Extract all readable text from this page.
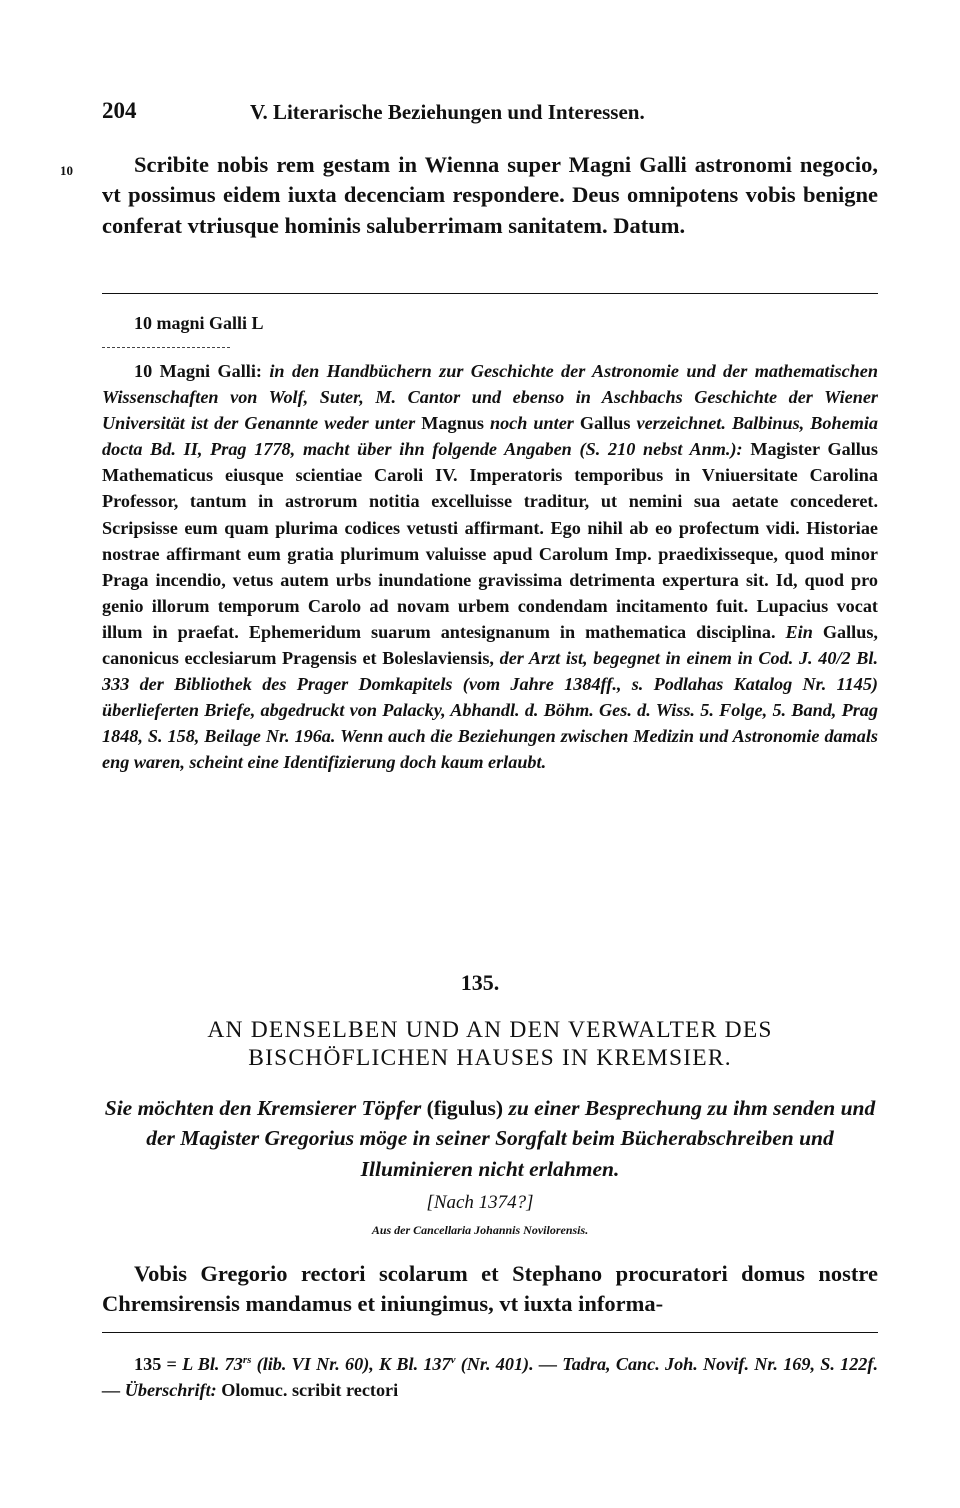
204	V. Literarische Beziehungen und Interessen.
10	Scribite nobis rem gestam in Wienna super Magni Galli astronomi negocio, vt possimus eidem iuxta decenciam respondere. Deus omnipotens vobis benigne conferat vtriusque hominis saluberrimam sanitatem. Datum.

10 magni Galli L

10 Magni Galli: in den Handbüchern zur Geschichte der Astronomie und der mathematischen Wissenschaften von Wolf, Suter, M. Cantor und ebenso in Aschbachs Geschichte der Wiener Universität ist der Genannte weder unter Magnus noch unter Gallus verzeichnet. Balbinus, Bohemia docta Bd. II, Prag 1778, macht über ihn folgende Angaben (S. 210 nebst Anm.): Magister Gallus Mathematicus eiusque scientiae Caroli IV. Imperatoris temporibus in Vniuersitate Carolina Professor, tantum in astrorum notitia excelluisse traditur, ut nemini sua aetate concederet. Scripsisse eum quam plurima codices vetusti affirmant. Ego nihil ab eo profectum vidi. Historiae nostrae affirmant eum gratia plurimum valuisse apud Carolum Imp. praedixisseque, quod minor Praga incendio, vetus autem urbs inundatione gravissima detrimenta expertura sit. Id, quod pro genio illorum temporum Carolo ad novam urbem condendam incitamento fuit. Lupacius vocat illum in praefat. Ephemeridum suarum antesignanum in mathematica disciplina. Ein Gallus, canonicus ecclesiarum Pragensis et Boleslaviensis, der Arzt ist, begegnet in einem in Cod. J. 40/2 Bl. 333 der Bibliothek des Prager Domkapitels (vom Jahre 1384ff., s. Podlahas Katalog Nr. 1145) überlieferten Briefe, abgedruckt von Palacky, Abhandl. d. Böhm. Ges. d. Wiss. 5. Folge, 5. Band, Prag 1848, S. 158, Beilage Nr. 196a. Wenn auch die Beziehungen zwischen Medizin und Astronomie damals eng waren, scheint eine Identifizierung doch kaum erlaubt.

135.
AN DENSELBEN UND AN DEN VERWALTER DES
BISCHÖFLICHEN HAUSES IN KREMSIER.

Sie möchten den Kremsierer Töpfer (figulus) zu einer Besprechung zu ihm senden und der Magister Gregorius möge in seiner Sorgfalt beim Bücherabschreiben und Illuminieren nicht erlahmen.

[Nach 1374?]
Aus der Cancellaria Johannis Novilorensis.

Vobis Gregorio rectori scolarum et Stephano procuratori domus nostre Chremsirensis mandamus et iniungimus, vt iuxta informa-

135 = L Bl. $73^{rs}$ (lib. VI Nr. 60), K Bl. 137$^v$ (Nr. 401). — Tadra, Canc. Joh. Novif. Nr. 169, S. 122f. — Überschrift: Olomuc. scribit rectori
